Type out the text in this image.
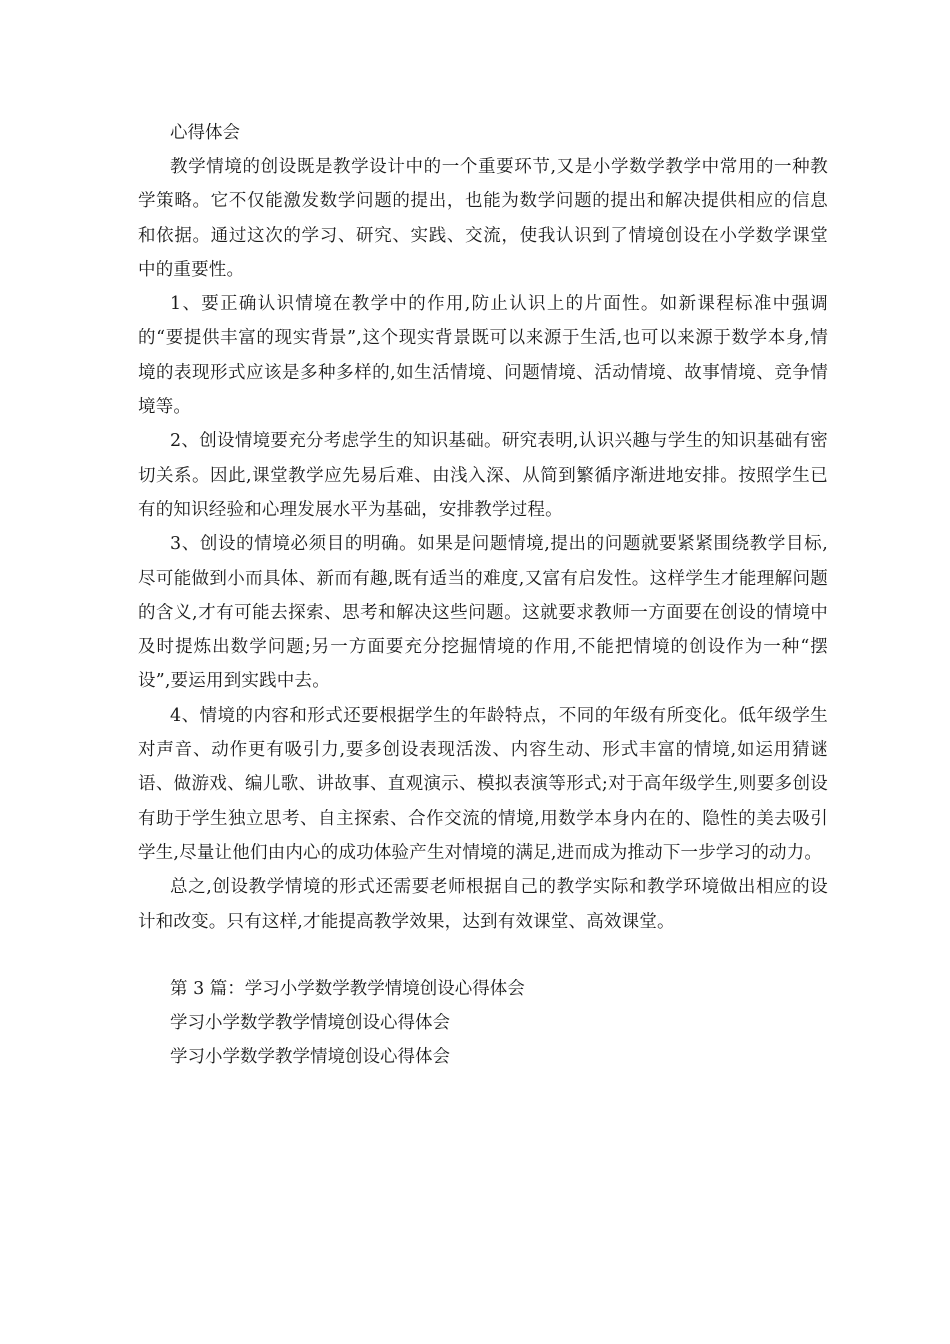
心得体会

教学情境的创设既是教学设计中的一个重要环节,又是小学数学教学中常用的一种教学策略。它不仅能激发数学问题的提出，也能为数学问题的提出和解决提供相应的信息和依据。通过这次的学习、研究、实践、交流，使我认识到了情境创设在小学数学课堂中的重要性。

1、要正确认识情境在教学中的作用,防止认识上的片面性。如新课程标准中强调的“要提供丰富的现实背景”,这个现实背景既可以来源于生活,也可以来源于数学本身,情境的表现形式应该是多种多样的,如生活情境、问题情境、活动情境、故事情境、竞争情境等。

2、创设情境要充分考虑学生的知识基础。研究表明,认识兴趣与学生的知识基础有密切关系。因此,课堂教学应先易后难、由浅入深、从简到繁循序渐进地安排。按照学生已有的知识经验和心理发展水平为基础，安排教学过程。

3、创设的情境必须目的明确。如果是问题情境,提出的问题就要紧紧围绕教学目标,尽可能做到小而具体、新而有趣,既有适当的难度,又富有启发性。这样学生才能理解问题的含义,才有可能去探索、思考和解决这些问题。这就要求教师一方面要在创设的情境中及时提炼出数学问题;另一方面要充分挖掘情境的作用,不能把情境的创设作为一种“摆设”,要运用到实践中去。

4、情境的内容和形式还要根据学生的年龄特点，不同的年级有所变化。低年级学生对声音、动作更有吸引力,要多创设表现活泼、内容生动、形式丰富的情境,如运用猜谜语、做游戏、编儿歌、讲故事、直观演示、模拟表演等形式;对于高年级学生,则要多创设有助于学生独立思考、自主探索、合作交流的情境,用数学本身内在的、隐性的美去吸引学生,尽量让他们由内心的成功体验产生对情境的满足,进而成为推动下一步学习的动力。

总之,创设教学情境的形式还需要老师根据自己的教学实际和教学环境做出相应的设计和改变。只有这样,才能提高教学效果，达到有效课堂、高效课堂。

第 3 篇：学习小学数学教学情境创设心得体会
学习小学数学教学情境创设心得体会
学习小学数学教学情境创设心得体会
